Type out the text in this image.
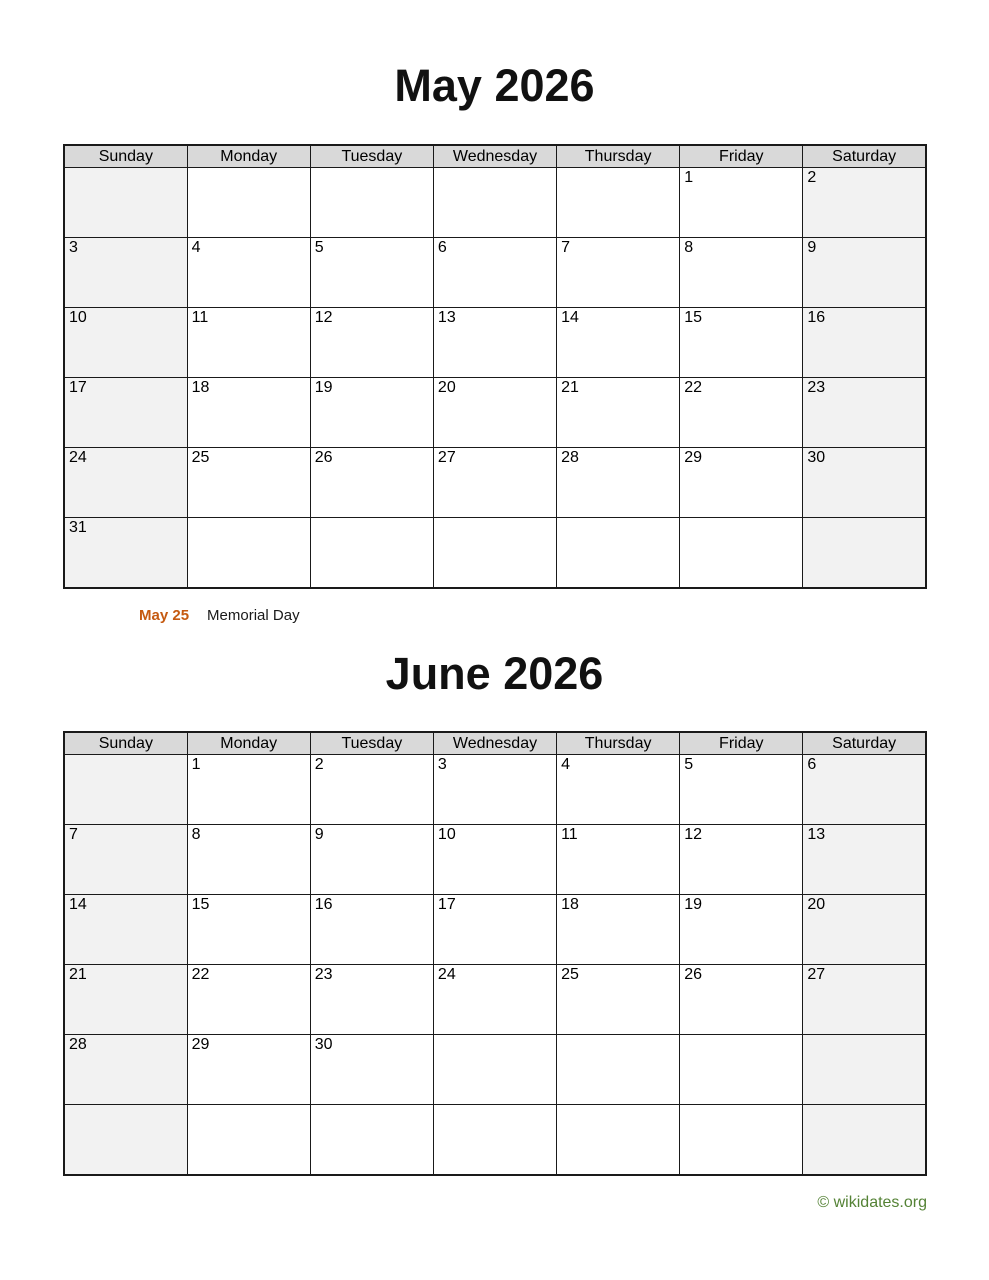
May 2026
Sunday	Monday	Tuesday	Wednesday	Thursday	Friday	Saturday
					1	2
3	4	5	6	7	8	9
10	11	12	13	14	15	16
17	18	19	20	21	22	23
24	25	26	27	28	29	30
31						
May 25 Memorial Day
June 2026
Sunday	Monday	Tuesday	Wednesday	Thursday	Friday	Saturday
	1	2	3	4	5	6
7	8	9	10	11	12	13
14	15	16	17	18	19	20
21	22	23	24	25	26	27
28	29	30				

© wikidates.org
